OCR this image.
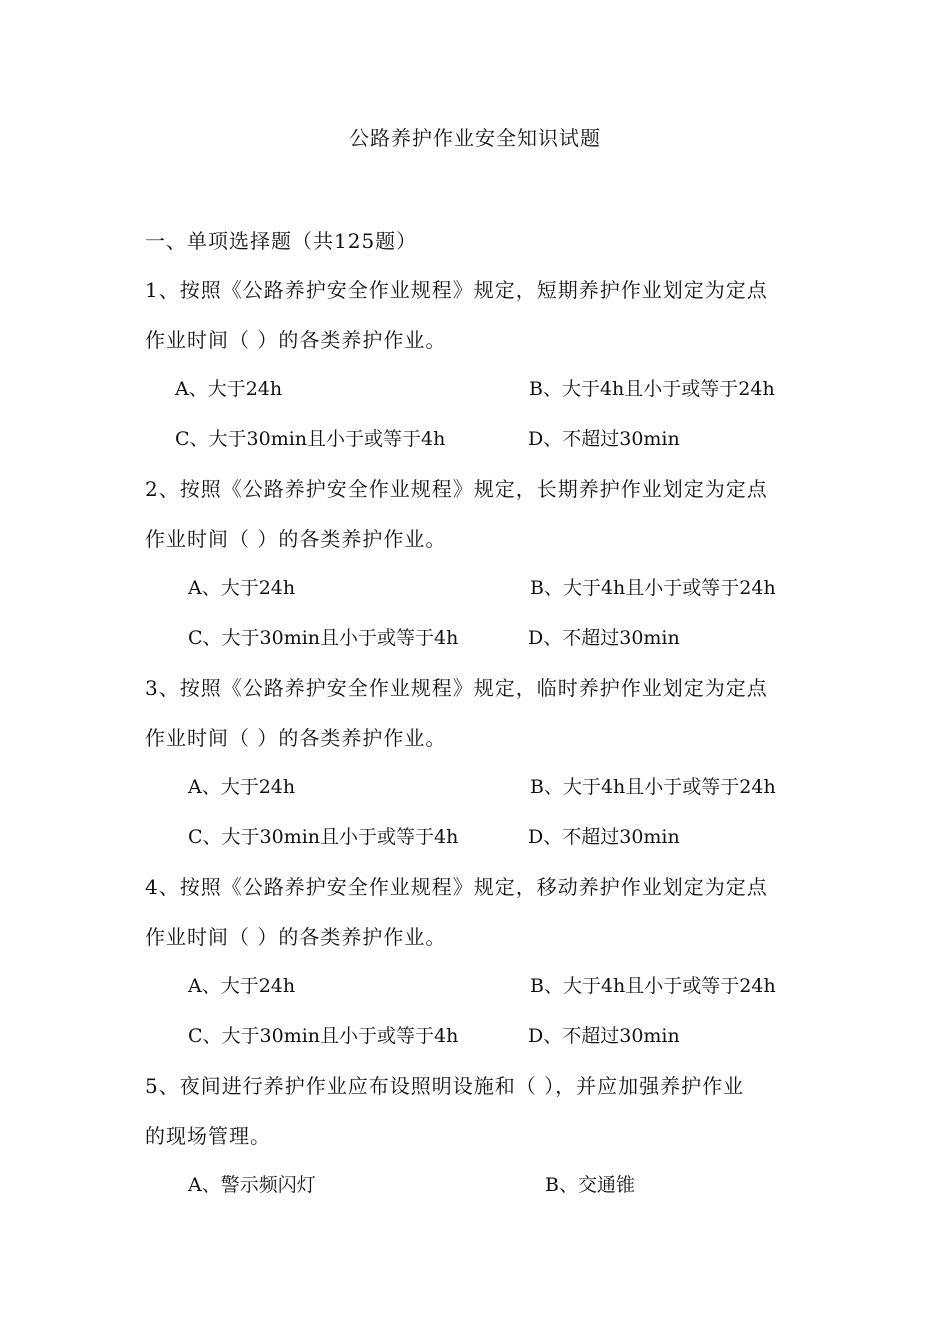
公路养护作业安全知识试题
一、单项选择题（共125题）
1、按照《公路养护安全作业规程》规定，短期养护作业划定为定点
作业时间（ ）的各类养护作业。
A、大于24h	B、大于4h且小于或等于24h
C、大于30min且小于或等于4h	D、不超过30min
2、按照《公路养护安全作业规程》规定，长期养护作业划定为定点
作业时间（ ）的各类养护作业。
A、大于24h	B、大于4h且小于或等于24h
C、大于30min且小于或等于4h	D、不超过30min
3、按照《公路养护安全作业规程》规定，临时养护作业划定为定点
作业时间（ ）的各类养护作业。
A、大于24h	B、大于4h且小于或等于24h
C、大于30min且小于或等于4h	D、不超过30min
4、按照《公路养护安全作业规程》规定，移动养护作业划定为定点
作业时间（ ）的各类养护作业。
A、大于24h	B、大于4h且小于或等于24h
C、大于30min且小于或等于4h	D、不超过30min
5、夜间进行养护作业应布设照明设施和（ ），并应加强养护作业
的现场管理。
A、警示频闪灯	B、交通锥
